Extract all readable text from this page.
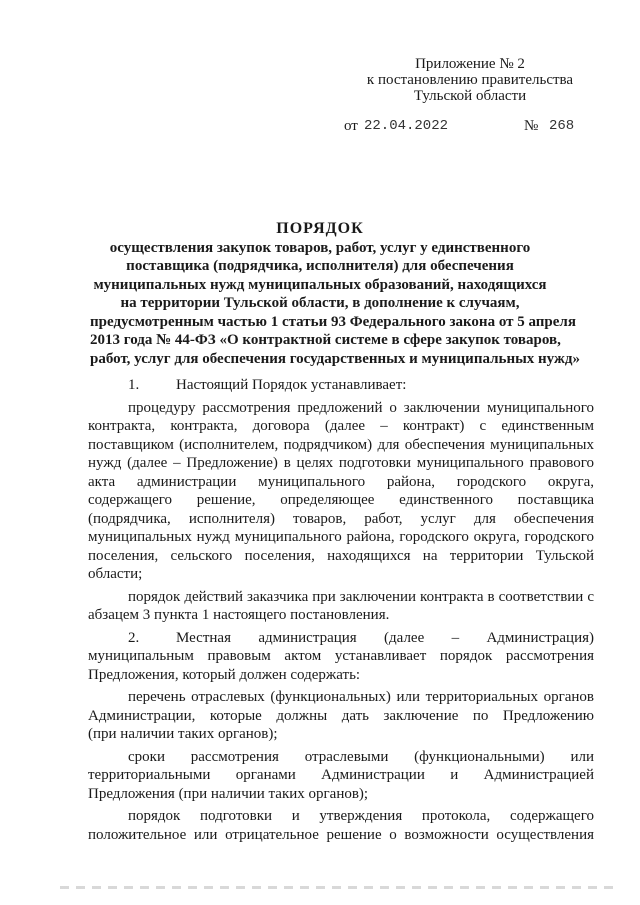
Приложение № 2
к постановлению правительства
Тульской области
от 22.04.2022	№ 268
ПОРЯДОК
осуществления закупок товаров, работ, услуг у единственного
поставщика (подрядчика, исполнителя) для обеспечения
муниципальных нужд муниципальных образований, находящихся
на территории Тульской области, в дополнение к случаям,
предусмотренным частью 1 статьи 93 Федерального закона от 5 апреля
2013 года № 44-ФЗ «О контрактной системе в сфере закупок товаров,
работ, услуг для обеспечения государственных и муниципальных нужд»
1. Настоящий Порядок устанавливает:
процедуру рассмотрения предложений о заключении муниципального
контракта, контракта, договора (далее – контракт) с единственным
поставщиком (исполнителем, подрядчиком) для обеспечения муниципальных
нужд (далее – Предложение) в целях подготовки муниципального правового
акта администрации муниципального района, городского округа,
содержащего решение, определяющее единственного поставщика
(подрядчика, исполнителя) товаров, работ, услуг для обеспечения
муниципальных нужд муниципального района, городского округа, городского
поселения, сельского поселения, находящихся на территории Тульской
области;
порядок действий заказчика при заключении контракта в соответствии с
абзацем 3 пункта 1 настоящего постановления.
2.	Местная администрация (далее – Администрация)
муниципальным правовым актом устанавливает порядок рассмотрения
Предложения, который должен содержать:
перечень отраслевых (функциональных) или территориальных органов
Администрации, которые должны дать заключение по Предложению
(при наличии таких органов);
сроки рассмотрения отраслевыми (функциональными) или
территориальными органами Администрации и Администрацией
Предложения (при наличии таких органов);
порядок подготовки и утверждения протокола, содержащего
положительное или отрицательное решение о возможности осуществления
